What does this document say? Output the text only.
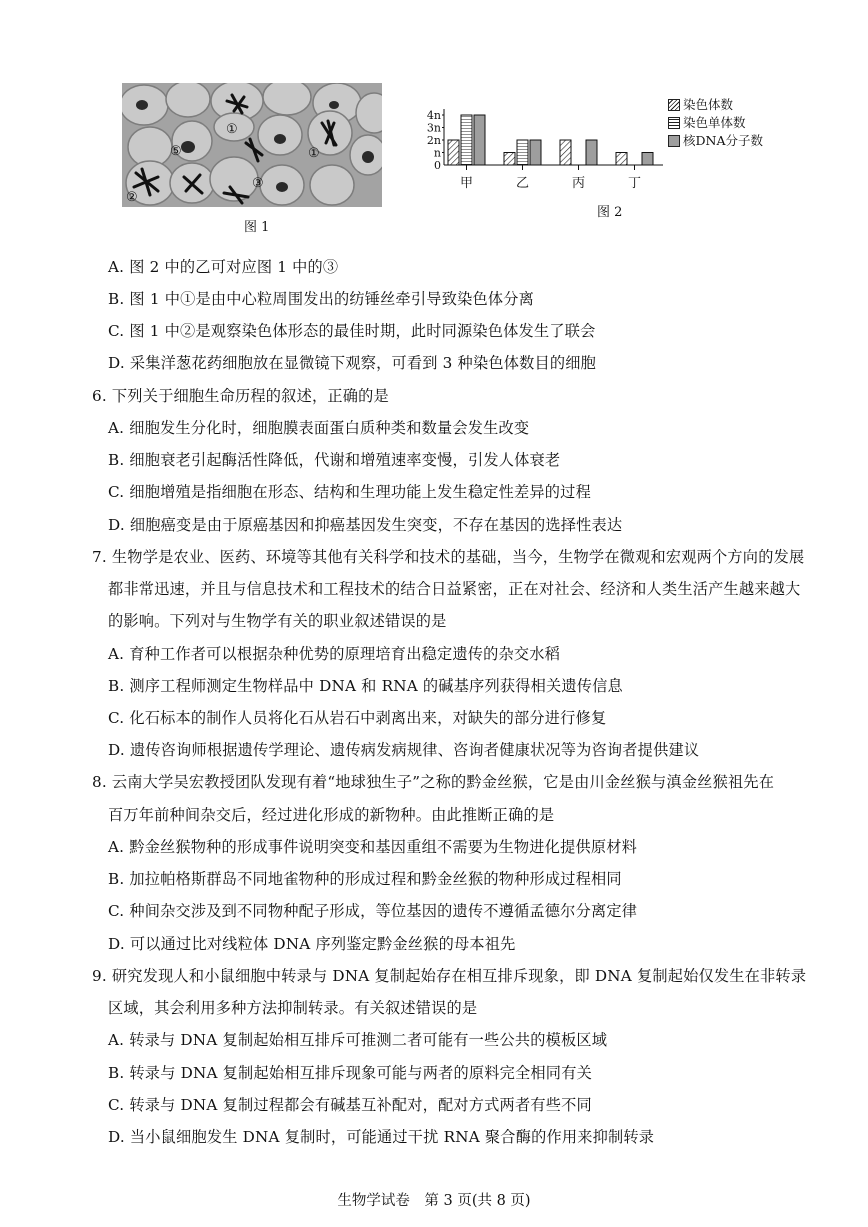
①
⑤	①
②
③
图 1
4n
3n
2n
n
0
甲	乙	丙	丁
染色体数
染色单体数
核DNA分子数
图 2
A. 图 2 中的乙可对应图 1 中的③
B. 图 1 中①是由中心粒周围发出的纺锤丝牵引导致染色体分离
C. 图 1 中②是观察染色体形态的最佳时期，此时同源染色体发生了联会
D. 采集洋葱花药细胞放在显微镜下观察，可看到 3 种染色体数目的细胞
6. 下列关于细胞生命历程的叙述，正确的是
A. 细胞发生分化时，细胞膜表面蛋白质种类和数量会发生改变
B. 细胞衰老引起酶活性降低，代谢和增殖速率变慢，引发人体衰老
C. 细胞增殖是指细胞在形态、结构和生理功能上发生稳定性差异的过程
D. 细胞癌变是由于原癌基因和抑癌基因发生突变，不存在基因的选择性表达
7. 生物学是农业、医药、环境等其他有关科学和技术的基础，当今，生物学在微观和宏观两个方向的发展
都非常迅速，并且与信息技术和工程技术的结合日益紧密，正在对社会、经济和人类生活产生越来越大
的影响。下列对与生物学有关的职业叙述错误的是
A. 育种工作者可以根据杂种优势的原理培育出稳定遗传的杂交水稻
B. 测序工程师测定生物样品中 DNA 和 RNA 的碱基序列获得相关遗传信息
C. 化石标本的制作人员将化石从岩石中剥离出来，对缺失的部分进行修复
D. 遗传咨询师根据遗传学理论、遗传病发病规律、咨询者健康状况等为咨询者提供建议
8. 云南大学吴宏教授团队发现有着“地球独生子”之称的黔金丝猴，它是由川金丝猴与滇金丝猴祖先在
百万年前种间杂交后，经过进化形成的新物种。由此推断正确的是
A. 黔金丝猴物种的形成事件说明突变和基因重组不需要为生物进化提供原材料
B. 加拉帕格斯群岛不同地雀物种的形成过程和黔金丝猴的物种形成过程相同
C. 种间杂交涉及到不同物种配子形成，等位基因的遗传不遵循孟德尔分离定律
D. 可以通过比对线粒体 DNA 序列鉴定黔金丝猴的母本祖先
9. 研究发现人和小鼠细胞中转录与 DNA 复制起始存在相互排斥现象，即 DNA 复制起始仅发生在非转录
区域，其会利用多种方法抑制转录。有关叙述错误的是
A. 转录与 DNA 复制起始相互排斥可推测二者可能有一些公共的模板区域
B. 转录与 DNA 复制起始相互排斥现象可能与两者的原料完全相同有关
C. 转录与 DNA 复制过程都会有碱基互补配对，配对方式两者有些不同
D. 当小鼠细胞发生 DNA 复制时，可能通过干扰 RNA 聚合酶的作用来抑制转录
生物学试卷　第 3 页(共 8 页)
